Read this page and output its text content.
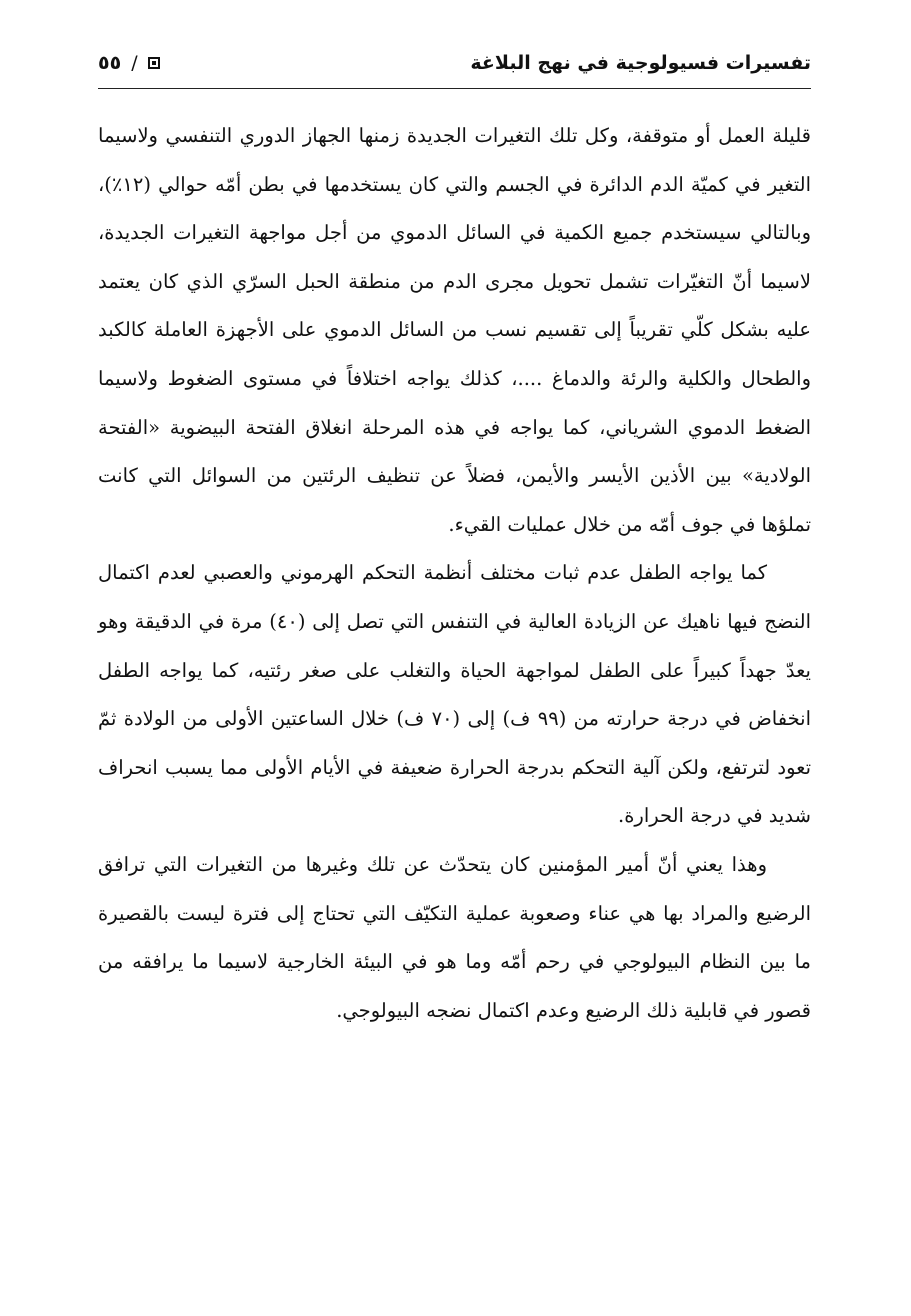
تفسيرات فسيولوجية في نهج البلاغة
٥٥ /

قليلة العمل أو متوقفة، وكل تلك التغيرات الجديدة زمنها الجهاز الدوري التنفسي ولاسيما التغير في كميّة الدم الدائرة في الجسم والتي كان يستخدمها في بطن أمّه حوالي (١٢٪)، وبالتالي سيستخدم جميع الكمية في السائل الدموي من أجل مواجهة التغيرات الجديدة، لاسيما أنّ التغيّرات تشمل تحويل مجرى الدم من منطقة الحبل السرّي الذي كان يعتمد عليه بشكل كلّي تقريباً إلى تقسيم نسب من السائل الدموي على الأجهزة العاملة كالكبد والطحال والكلية والرئة والدماغ ....، كذلك يواجه اختلافاً في مستوى الضغوط ولاسيما الضغط الدموي الشرياني، كما يواجه في هذه المرحلة انغلاق الفتحة البيضوية «الفتحة الولادية» بين الأذين الأيسر والأيمن، فضلاً عن تنظيف الرئتين من السوائل التي كانت تملؤها في جوف أمّه من خلال عمليات القيء.

كما يواجه الطفل عدم ثبات مختلف أنظمة التحكم الهرموني والعصبي لعدم اكتمال النضج فيها ناهيك عن الزيادة العالية في التنفس التي تصل إلى (٤٠) مرة في الدقيقة وهو يعدّ جهداً كبيراً على الطفل لمواجهة الحياة والتغلب على صغر رئتيه، كما يواجه الطفل انخفاض في درجة حرارته من (٩٩ ف) إلى (٧٠ ف) خلال الساعتين الأولى من الولادة ثمّ تعود لترتفع، ولكن آلية التحكم بدرجة الحرارة ضعيفة في الأيام الأولى مما يسبب انحراف شديد في درجة الحرارة.

وهذا يعني أنّ أمير المؤمنين كان يتحدّث عن تلك وغيرها من التغيرات التي ترافق الرضيع والمراد بها هي عناء وصعوبة عملية التكيّف التي تحتاج إلى فترة ليست بالقصيرة ما بين النظام البيولوجي في رحم أمّه وما هو في البيئة الخارجية لاسيما ما يرافقه من قصور في قابلية ذلك الرضيع وعدم اكتمال نضجه البيولوجي.
